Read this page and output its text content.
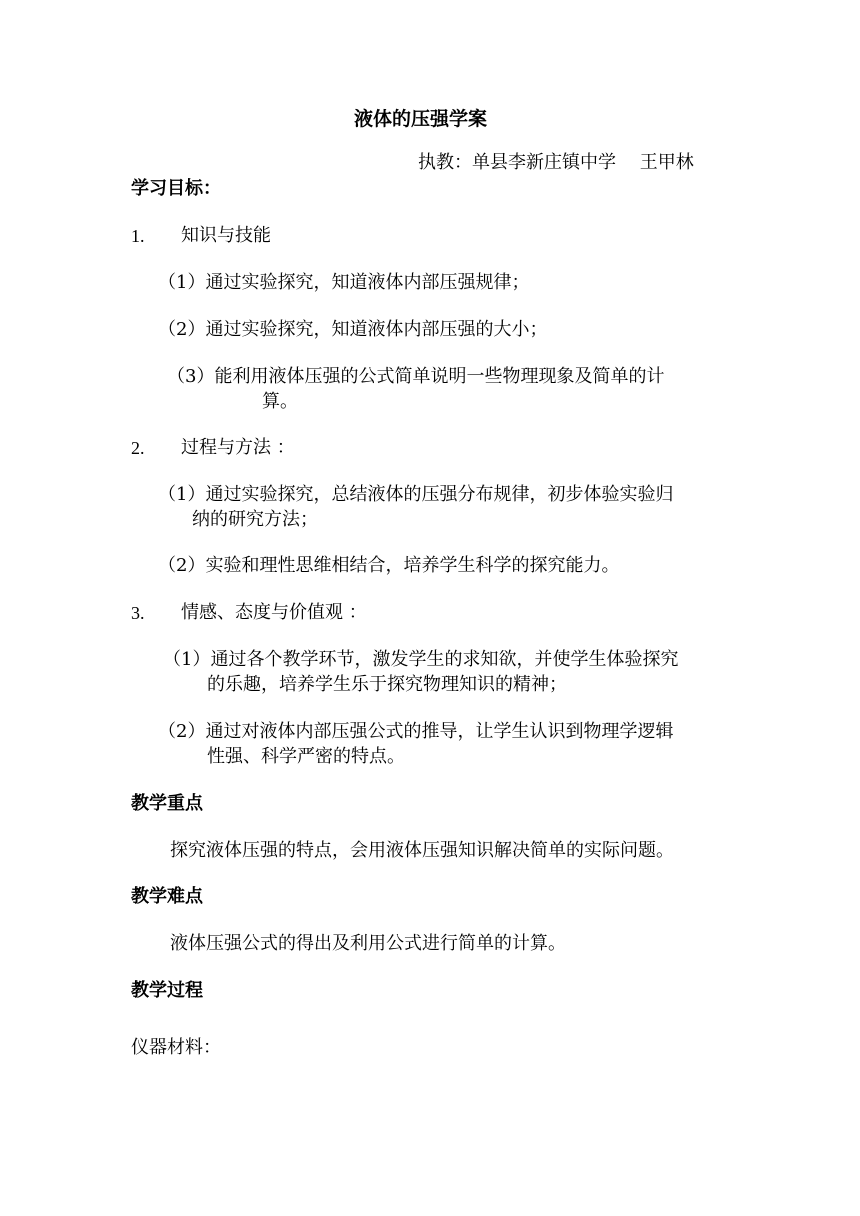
液体的压强学案
执教：单县李新庄镇中学　 王甲林
学习目标：
1. 知识与技能
（1）通过实验探究，知道液体内部压强规律；
（2）通过实验探究，知道液体内部压强的大小；
（3）能利用液体压强的公式简单说明一些物理现象及简单的计
算。
2. 过程与方法 ：
（1）通过实验探究，总结液体的压强分布规律，初步体验实验归
纳的研究方法；
（2）实验和理性思维相结合，培养学生科学的探究能力。
3. 情感、态度与价值观 ：
（1）通过各个教学环节，激发学生的求知欲，并使学生体验探究
的乐趣，培养学生乐于探究物理知识的精神；
（2）通过对液体内部压强公式的推导，让学生认识到物理学逻辑
性强、科学严密的特点。
教学重点
探究液体压强的特点，会用液体压强知识解决简单的实际问题。
教学难点
液体压强公式的得出及利用公式进行简单的计算。
教学过程
仪器材料：
